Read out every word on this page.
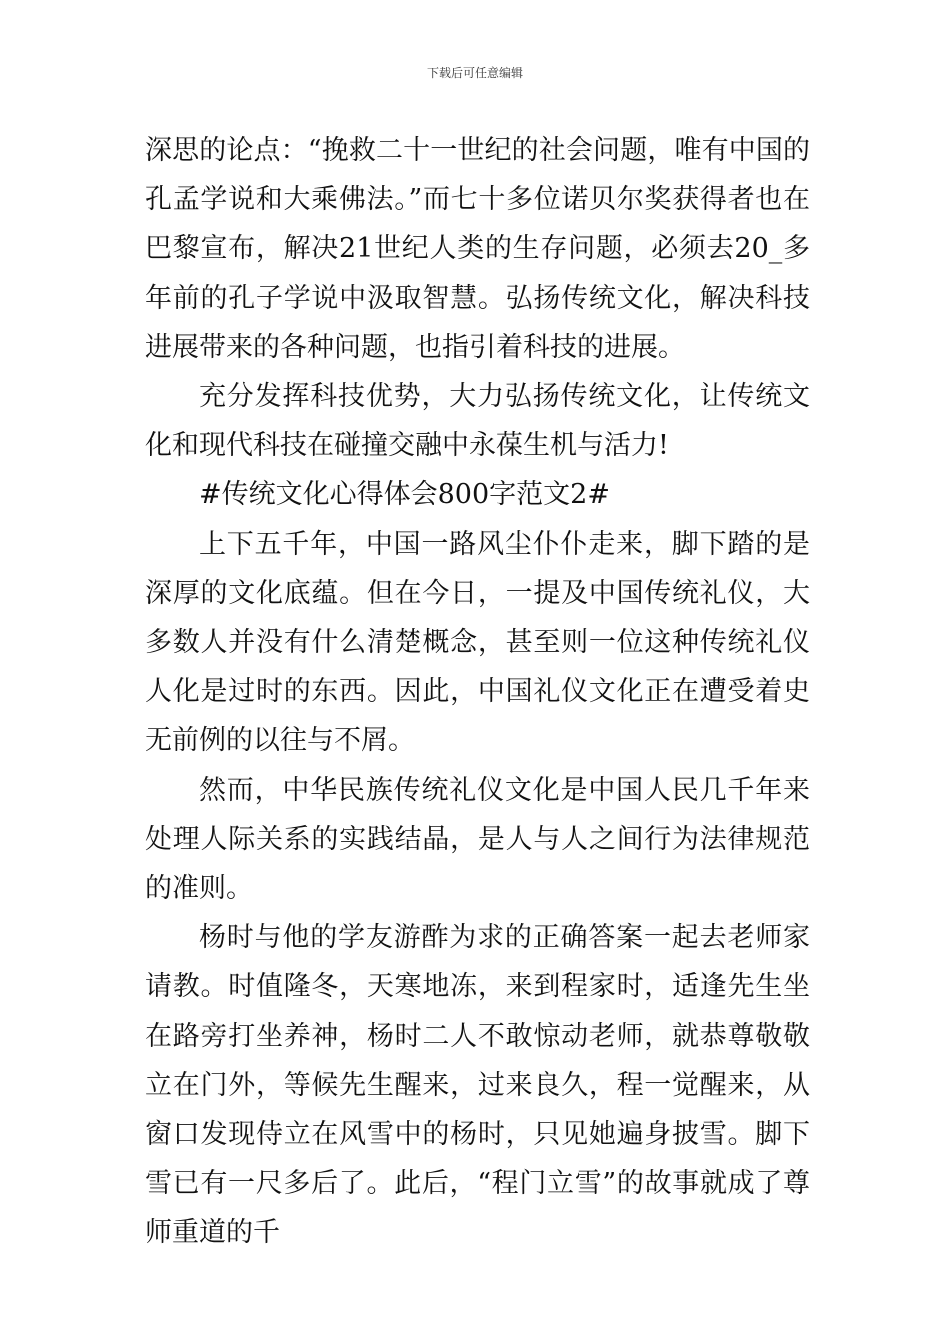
下载后可任意编辑

深思的论点：“挽救二十一世纪的社会问题，唯有中国的孔孟学说和大乘佛法。”而七十多位诺贝尔奖获得者也在巴黎宣布，解决21世纪人类的生存问题，必须去20_多年前的孔子学说中汲取智慧。弘扬传统文化，解决科技进展带来的各种问题，也指引着科技的进展。

充分发挥科技优势，大力弘扬传统文化，让传统文化和现代科技在碰撞交融中永葆生机与活力!

#传统文化心得体会800字范文2#

上下五千年，中国一路风尘仆仆走来，脚下踏的是深厚的文化底蕴。但在今日，一提及中国传统礼仪，大多数人并没有什么清楚概念，甚至则一位这种传统礼仪人化是过时的东西。因此，中国礼仪文化正在遭受着史无前例的以往与不屑。

然而，中华民族传统礼仪文化是中国人民几千年来处理人际关系的实践结晶，是人与人之间行为法律规范的准则。

杨时与他的学友游酢为求的正确答案一起去老师家请教。时值隆冬，天寒地冻，来到程家时，适逢先生坐在路旁打坐养神，杨时二人不敢惊动老师，就恭尊敬敬立在门外，等候先生醒来，过来良久，程一觉醒来，从窗口发现侍立在风雪中的杨时，只见她遍身披雪。脚下雪已有一尺多后了。此后，“程门立雪”的故事就成了尊师重道的千
